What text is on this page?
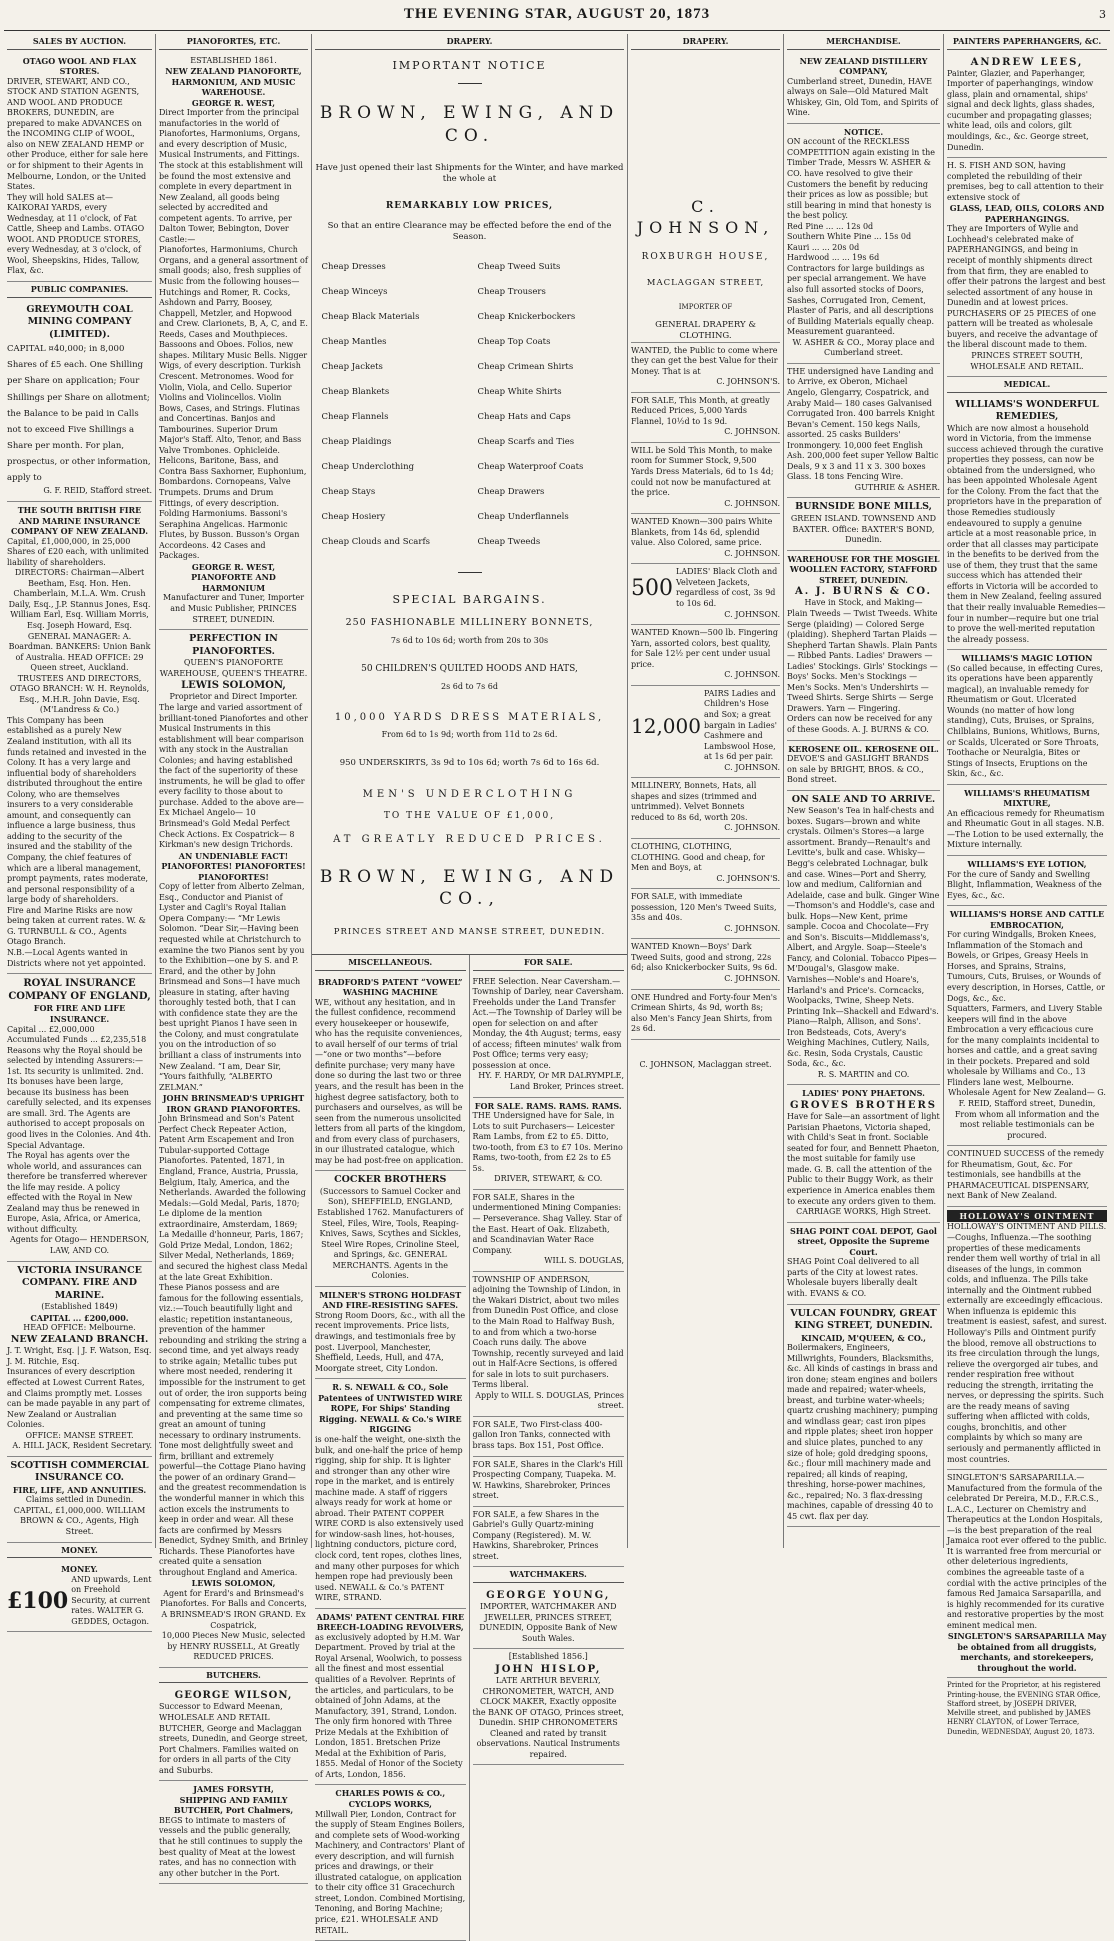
THE EVENING STAR, AUGUST 20, 1873	3
SALES BY AUCTION.
OTAGO WOOL AND FLAX STORES.
DRIVER, STEWART, AND CO., STOCK AND STATION AGENTS, AND WOOL AND PRODUCE BROKERS, DUNEDIN, are prepared to make ADVANCES on the INCOMING CLIP of WOOL, also on NEW ZEALAND HEMP or other Produce, either for sale here or for shipment to their Agents in Melbourne, London, or the United States.
They will hold SALES at— KAIKORAI YARDS, every Wednesday, at 11 o'clock, of Fat Cattle, Sheep and Lambs. OTAGO WOOL AND PRODUCE STORES, every Wednesday, at 3 o'clock, of Wool, Sheepskins, Hides, Tallow, Flax, &c.
PUBLIC COMPANIES.
GREYMOUTH COAL MINING COMPANY (LIMITED).
CAPITAL ¤40,000; in 8,000 Shares of £5 each. One Shilling per Share on application; Four Shillings per Share on allotment; the Balance to be paid in Calls not to exceed Five Shillings a Share per month. For plan, prospectus, or other information, apply to
G. F. REID, Stafford street.
THE SOUTH BRITISH FIRE AND MARINE INSURANCE COMPANY OF NEW ZEALAND.
Capital, £1,000,000, in 25,000 Shares of £20 each, with unlimited liability of shareholders.
DIRECTORS: Chairman—Albert Beetham, Esq. Hon. Hen. Chamberlain, M.L.A. Wm. Crush Daily, Esq., J.P. Stannus Jones, Esq. William Earl, Esq. William Morris, Esq. Joseph Howard, Esq.
GENERAL MANAGER: A. Boardman. BANKERS: Union Bank of Australia. HEAD OFFICE: 29 Queen street, Auckland.
TRUSTEES AND DIRECTORS, OTAGO BRANCH: W. H. Reynolds, Esq., M.H.R. John Davie, Esq. (M'Landress & Co.)
This Company has been established as a purely New Zealand institution, with all its funds retained and invested in the Colony. It has a very large and influential body of shareholders distributed throughout the entire Colony, who are themselves insurers to a very considerable amount, and consequently can influence a large business, thus adding to the security of the insured and the stability of the Company, the chief features of which are a liberal management, prompt payments, rates moderate, and personal responsibility of a large body of shareholders.
Fire and Marine Risks are now being taken at current rates. W. & G. TURNBULL & CO., Agents Otago Branch.
N.B.—Local Agents wanted in Districts where not yet appointed.
ROYAL INSURANCE COMPANY OF ENGLAND,
FOR FIRE AND LIFE INSURANCE.
Capital ... £2,000,000
Accumulated Funds ... £2,235,518
Reasons why the Royal should be selected by intending Assurers:— 1st. Its security is unlimited. 2nd. Its bonuses have been large, because its business has been carefully selected, and its expenses are small. 3rd. The Agents are authorised to accept proposals on good lives in the Colonies. And 4th. Special Advantage.
The Royal has agents over the whole world, and assurances can therefore be transferred wherever the life may reside. A policy effected with the Royal in New Zealand may thus be renewed in Europe, Asia, Africa, or America, without difficulty.
Agents for Otago— HENDERSON, LAW, AND CO.
VICTORIA INSURANCE COMPANY. FIRE AND MARINE.
(Established 1849)
CAPITAL ... £200,000.
HEAD OFFICE: Melbourne.
NEW ZEALAND BRANCH.
J. T. Wright, Esq. | J. F. Watson, Esq. J. M. Ritchie, Esq.
Insurances of every description effected at Lowest Current Rates, and Claims promptly met. Losses can be made payable in any part of New Zealand or Australian Colonies.
OFFICE: MANSE STREET.
A. HILL JACK, Resident Secretary.
SCOTTISH COMMERCIAL INSURANCE CO.
FIRE, LIFE, AND ANNUITIES.
Claims settled in Dunedin. CAPITAL, £1,000,000. WILLIAM BROWN & CO., Agents, High Street.
MONEY.
MONEY.
£100
AND upwards, Lent on Freehold Security, at current rates. WALTER G. GEDDES, Octagon.
PIANOFORTES, ETC.
ESTABLISHED 1861.
NEW ZEALAND PIANOFORTE, HARMONIUM, AND MUSIC WAREHOUSE.
GEORGE R. WEST,
Direct Importer from the principal manufactories in the world of Pianofortes, Harmoniums, Organs, and every description of Music, Musical Instruments, and Fittings. The stock at this establishment will be found the most extensive and complete in every department in New Zealand, all goods being selected by accredited and competent agents. To arrive, per Dalton Tower, Bebington, Dover Castle:—
Pianofortes, Harmoniums, Church Organs, and a general assortment of small goods; also, fresh supplies of Music from the following houses—Hutchings and Romer, R. Cocks, Ashdown and Parry, Boosey, Chappell, Metzler, and Hopwood and Crew. Clarionets, B, A, C, and E. Reeds, Cases and Mouthpieces. Bassoons and Oboes. Folios, new shapes. Military Music Bells. Nigger Wigs, of every description. Turkish Crescent. Metronomes. Wood for Violin, Viola, and Cello. Superior Violins and Violincellos. Violin Bows, Cases, and Strings. Flutinas and Concertinas. Banjos and Tambourines. Superior Drum Major's Staff. Alto, Tenor, and Bass Valve Trombones. Ophicleide. Helicons, Baritone, Bass, and Contra Bass Saxhorner, Euphonium, Bombardons. Cornopeans, Valve Trumpets. Drums and Drum Fittings, of every description. Folding Harmoniums. Bassoni's Seraphina Angelicas. Harmonic Flutes, by Busson. Busson's Organ Accordeons. 42 Cases and Packages.
GEORGE R. WEST,
PIANOFORTE AND HARMONIUM
Manufacturer and Tuner, Importer and Music Publisher, PRINCES STREET, DUNEDIN.
PERFECTION IN PIANOFORTES.
QUEEN'S PIANOFORTE WAREHOUSE, QUEEN'S THEATRE.
LEWIS SOLOMON,
Proprietor and Direct Importer.
The large and varied assortment of brilliant-toned Pianofortes and other Musical Instruments in this establishment will bear comparison with any stock in the Australian Colonies; and having established the fact of the superiority of these instruments, he will be glad to offer every facility to those about to purchase. Added to the above are— Ex Michael Angelo— 10 Brinsmead's Gold Medal Perfect Check Actions. Ex Cospatrick— 8 Kirkman's new design Trichords.
AN UNDENIABLE FACT! PIANOFORTES! PIANOFORTES! PIANOFORTES!
Copy of letter from Alberto Zelman, Esq., Conductor and Pianist of Lyster and Cagli's Royal Italian Opera Company:— “Mr Lewis Solomon. “Dear Sir,—Having been requested while at Christchurch to examine the two Pianos sent by you to the Exhibition—one by S. and P. Erard, and the other by John Brinsmead and Sons—I have much pleasure in stating, after having thoroughly tested both, that I can with confidence state they are the best upright Pianos I have seen in the Colony, and must congratulate you on the introduction of so brilliant a class of instruments into New Zealand. “I am, Dear Sir, “Yours faithfully, “ALBERTO ZELMAN.”
JOHN BRINSMEAD'S UPRIGHT IRON GRAND PIANOFORTES.
John Brinsmead and Son's Patent Perfect Check Repeater Action, Patent Arm Escapement and Iron Tubular-supported Cottage Pianofortes. Patented, 1871, in England, France, Austria, Prussia, Belgium, Italy, America, and the Netherlands. Awarded the following Medals:—Gold Medal, Paris, 1870; Le diplome de la mention extraordinaire, Amsterdam, 1869; La Medaille d'honneur, Paris, 1867; Gold Prize Medal, London, 1862; Silver Medal, Netherlands, 1869; and secured the highest class Medal at the late Great Exhibition.
These Pianos possess and are famous for the following essentials, viz.:—Touch beautifully light and elastic; repetition instantaneous, prevention of the hammer rebounding and striking the string a second time, and yet always ready to strike again; Metallic tubes put where most needed, rendering it impossible for the instrument to get out of order, the iron supports being compensating for extreme climates, and preventing at the same time so great an amount of tuning necessary to ordinary instruments. Tone most delightfully sweet and firm, brilliant and extremely powerful—the Cottage Piano having the power of an ordinary Grand—and the greatest recommendation is the wonderful manner in which this action excels the instruments to keep in order and wear. All these facts are confirmed by Messrs Benedict, Sydney Smith, and Brinley Richards. These Pianofortes have created quite a sensation throughout England and America.
LEWIS SOLOMON,
Agent for Erard's and Brinsmead's Pianofortes. For Balls and Concerts, A BRINSMEAD'S IRON GRAND. Ex Cospatrick,
10,000 Pieces New Music, selected by HENRY RUSSELL, At Greatly REDUCED PRICES.
BUTCHERS.
GEORGE WILSON,
Successor to Edward Meenan, WHOLESALE AND RETAIL BUTCHER, George and Maclaggan streets, Dunedin, and George street, Port Chalmers. Families waited on for orders in all parts of the City and Suburbs.
JAMES FORSYTH,
SHIPPING AND FAMILY BUTCHER, Port Chalmers,
BEGS to intimate to masters of vessels and the public generally, that he still continues to supply the best quality of Meat at the lowest rates, and has no connection with any other butcher in the Port.
DRAPERY.
IMPORTANT NOTICE
BROWN, EWING, AND CO.
Have just opened their last Shipments for the Winter, and have marked the whole at
REMARKABLY LOW PRICES,
So that an entire Clearance may be effected before the end of the Season.
Cheap Dresses
Cheap Winceys
Cheap Black Materials
Cheap Mantles
Cheap Jackets
Cheap Blankets
Cheap Flannels
Cheap Plaidings
Cheap Underclothing
Cheap Stays
Cheap Hosiery
Cheap Clouds and Scarfs
Cheap Tweed Suits
Cheap Trousers
Cheap Knickerbockers
Cheap Top Coats
Cheap Crimean Shirts
Cheap White Shirts
Cheap Hats and Caps
Cheap Scarfs and Ties
Cheap Waterproof Coats
Cheap Drawers
Cheap Underflannels
Cheap Tweeds
SPECIAL BARGAINS.
250 FASHIONABLE MILLINERY BONNETS,
7s 6d to 10s 6d; worth from 20s to 30s
50 CHILDREN'S QUILTED HOODS AND HATS,
2s 6d to 7s 6d
10,000 YARDS DRESS MATERIALS,
From 6d to 1s 9d; worth from 11d to 2s 6d.
950 UNDERSKIRTS, 3s 9d to 10s 6d; worth 7s 6d to 16s 6d.
MEN'S UNDERCLOTHING
TO THE VALUE OF £1,000,
AT GREATLY REDUCED PRICES.
BROWN, EWING, AND CO.,
PRINCES STREET AND MANSE STREET, DUNEDIN.
MISCELLANEOUS.
BRADFORD'S PATENT “VOWEL” WASHING MACHINE
WE, without any hesitation, and in the fullest confidence, recommend every housekeeper or housewife, who has the requisite conveniences, to avail herself of our terms of trial—“one or two months”—before definite purchase; very many have done so during the last two or three years, and the result has been in the highest degree satisfactory, both to purchasers and ourselves, as will be seen from the numerous unsolicited letters from all parts of the kingdom, and from every class of purchasers, in our illustrated catalogue, which may be had post-free on application.
COCKER BROTHERS
(Successors to Samuel Cocker and Son), SHEFFIELD, ENGLAND, Established 1762. Manufacturers of Steel, Files, Wire, Tools, Reaping-Knives, Saws, Scythes and Sickles, Steel Wire Ropes, Crinoline Steel, and Springs, &c. GENERAL MERCHANTS. Agents in the Colonies.
MILNER'S STRONG HOLDFAST AND FIRE-RESISTING SAFES.
Strong Room Doors, &c., with all the recent improvements. Price lists, drawings, and testimonials free by post. Liverpool, Manchester, Sheffield, Leeds, Hull, and 47A, Moorgate street, City London.
R. S. NEWALL & CO., Sole Patentees of UNTWISTED WIRE ROPE, For Ships' Standing Rigging. NEWALL & Co.'s WIRE RIGGING
is one-half the weight, one-sixth the bulk, and one-half the price of hemp rigging, ship for ship. It is lighter and stronger than any other wire rope in the market, and is entirely machine made. A staff of riggers always ready for work at home or abroad. Their PATENT COPPER WIRE CORD is also extensively used for window-sash lines, hot-houses, lightning conductors, picture cord, clock cord, tent ropes, clothes lines, and many other purposes for which hempen rope had previously been used. NEWALL & Co.'s PATENT WIRE, STRAND.
ADAMS' PATENT CENTRAL FIRE BREECH-LOADING REVOLVERS,
as exclusively adopted by H.M. War Department. Proved by trial at the Royal Arsenal, Woolwich, to possess all the finest and most essential qualities of a Revolver. Reprints of the articles, and particulars, to be obtained of John Adams, at the Manufactory, 391, Strand, London. The only firm honored with Three Prize Medals at the Exhibition of London, 1851. Bretschen Prize Medal at the Exhibition of Paris, 1855. Medal of Honor of the Society of Arts, London, 1856.
CHARLES POWIS & CO., CYCLOPS WORKS,
Millwall Pier, London, Contract for the supply of Steam Engines Boilers, and complete sets of Wood-working Machinery, and Contractors' Plant of every description, and will furnish prices and drawings, or their illustrated catalogue, on application to their city office 31 Gracechurch street, London. Combined Mortising, Tenoning, and Boring Machine; price, £21. WHOLESALE AND RETAIL.
FOR SALE.
FREE Selection. Near Caversham.—Township of Darley, near Caversham. Freeholds under the Land Transfer Act.—The Township of Darley will be open for selection on and after Monday, the 4th August; terms, easy of access; fifteen minutes' walk from Post Office; terms very easy; possession at once.
HY. F. HARDY, Or MR DALRYMPLE, Land Broker, Princes street.
FOR SALE. RAMS. RAMS. RAMS.
THE Undersigned have for Sale, in Lots to suit Purchasers— Leicester Ram Lambs, from £2 to £5. Ditto, two-tooth, from £3 to £7 10s. Merino Rams, two-tooth, from £2 2s to £5 5s.
DRIVER, STEWART, & CO.
FOR SALE, Shares in the undermentioned Mining Companies:— Perseverance. Shag Valley. Star of the East. Heart of Oak. Elizabeth, and Scandinavian Water Race Company.
WILL S. DOUGLAS,
TOWNSHIP OF ANDERSON, adjoining the Township of Lindon, in the Wakari District, about two miles from Dunedin Post Office, and close to the Main Road to Halfway Bush, to and from which a two-horse Coach runs daily. The above Township, recently surveyed and laid out in Half-Acre Sections, is offered for sale in lots to suit purchasers. Terms liberal.
Apply to WILL S. DOUGLAS, Princes street.
FOR SALE, Two First-class 400-gallon Iron Tanks, connected with brass taps. Box 151, Post Office.
FOR SALE, Shares in the Clark's Hill Prospecting Company, Tuapeka. M. W. Hawkins, Sharebroker, Princes street.
FOR SALE, a few Shares in the Gabriel's Gully Quartz-mining Company (Registered). M. W. Hawkins, Sharebroker, Princes street.
WATCHMAKERS.
GEORGE YOUNG,
IMPORTER, WATCHMAKER AND JEWELLER, PRINCES STREET, DUNEDIN, Opposite Bank of New South Wales.
[Established 1856.]
JOHN HISLOP,
LATE ARTHUR BEVERLY, CHRONOMETER, WATCH, AND CLOCK MAKER, Exactly opposite the BANK OF OTAGO, Princes street, Dunedin. SHIP CHRONOMETERS Cleaned and rated by transit observations. Nautical Instruments repaired.
DRAPERY.
C. JOHNSON,
ROXBURGH HOUSE,
MACLAGGAN STREET,
IMPORTER OF
GENERAL DRAPERY & CLOTHING.
WANTED, the Public to come where they can get the best Value for their Money. That is at
C. JOHNSON'S.
FOR SALE, This Month, at greatly Reduced Prices, 5,000 Yards Flannel, 10½d to 1s 9d.
C. JOHNSON.
WILL be Sold This Month, to make room for Summer Stock, 9,500 Yards Dress Materials, 6d to 1s 4d; could not now be manufactured at the price.
C. JOHNSON.
WANTED Known—300 pairs White Blankets, from 14s 6d, splendid value. Also Colored, same price.
C. JOHNSON.
500
LADIES' Black Cloth and Velveteen Jackets, regardless of cost, 3s 9d to 10s 6d.
C. JOHNSON.
WANTED Known—500 lb. Fingering Yarn, assorted colors, best quality, for Sale 12½ per cent under usual price.
C. JOHNSON.
12,000
PAIRS Ladies and Children's Hose and Sox; a great bargain in Ladies' Cashmere and Lambswool Hose, at 1s 6d per pair.
C. JOHNSON.
MILLINERY, Bonnets, Hats, all shapes and sizes (trimmed and untrimmed). Velvet Bonnets reduced to 8s 6d, worth 20s.
C. JOHNSON.
CLOTHING, CLOTHING, CLOTHING. Good and cheap, for Men and Boys, at
C. JOHNSON'S.
FOR SALE, with immediate possession, 120 Men's Tweed Suits, 35s and 40s.
C. JOHNSON.
WANTED Known—Boys' Dark Tweed Suits, good and strong, 22s 6d; also Knickerbocker Suits, 9s 6d.
C. JOHNSON.
ONE Hundred and Forty-four Men's Crimean Shirts, 4s 9d, worth 8s; also Men's Fancy Jean Shirts, from 2s 6d.
C. JOHNSON, Maclaggan street.
MERCHANDISE.
NEW ZEALAND DISTILLERY COMPANY,
Cumberland street, Dunedin, HAVE always on Sale—Old Matured Malt Whiskey, Gin, Old Tom, and Spirits of Wine.
NOTICE.
ON account of the RECKLESS COMPETITION again existing in the Timber Trade, Messrs W. ASHER & CO. have resolved to give their Customers the benefit by reducing their prices as low as possible; but still bearing in mind that honesty is the best policy.
Red Pine ... ... 12s 0d
Southern White Pine ... 15s 0d
Kauri ... ... 20s 0d
Hardwood ... ... 19s 6d
Contractors for large buildings as per special arrangement. We have also full assorted stocks of Doors, Sashes, Corrugated Iron, Cement, Plaster of Paris, and all descriptions of Building Materials equally cheap. Measurement guaranteed.
W. ASHER & CO., Moray place and Cumberland street.
THE undersigned have Landing and to Arrive, ex Oberon, Michael Angelo, Glengarry, Cospatrick, and Araby Maid— 180 cases Galvanised Corrugated Iron. 400 barrels Knight Bevan's Cement. 150 kegs Nails, assorted. 25 casks Builders' Ironmongery. 10,000 feet English Ash. 200,000 feet super Yellow Baltic Deals, 9 x 3 and 11 x 3. 300 boxes Glass. 18 tons Fencing Wire.
GUTHRIE & ASHER.
BURNSIDE BONE MILLS,
GREEN ISLAND. TOWNSEND AND BAXTER. Office: BAXTER'S BOND, Dunedin.
WAREHOUSE FOR THE MOSGIEL WOOLLEN FACTORY, STAFFORD STREET, DUNEDIN.
A. J. BURNS & CO.
Have in Stock, and Making—
Plain Tweeds — Twist Tweeds. White Serge (plaiding) — Colored Serge (plaiding). Shepherd Tartan Plaids — Shepherd Tartan Shawls. Plain Pants — Ribbed Pants. Ladies' Drawers — Ladies' Stockings. Girls' Stockings — Boys' Socks. Men's Stockings — Men's Socks. Men's Undershirts — Tweed Shirts. Serge Shirts — Serge Drawers. Yarn — Fingering.
Orders can now be received for any of these Goods. A. J. BURNS & CO.
KEROSENE OIL. KEROSENE OIL.
DEVOE'S and GASLIGHT BRANDS on sale by BRIGHT, BROS. & CO., Bond street.
ON SALE AND TO ARRIVE.
New Season's Tea in half-chests and boxes. Sugars—brown and white crystals. Oilmen's Stores—a large assortment. Brandy—Renault's and Levitte's, bulk and case. Whisky—Begg's celebrated Lochnagar, bulk and case. Wines—Port and Sherry, low and medium, Californian and Adelaide, case and bulk. Ginger Wine—Thomson's and Hoddle's, case and bulk. Hops—New Kent, prime sample. Cocoa and Chocolate—Fry and Son's. Biscuits—Middlemass's, Albert, and Argyle. Soap—Steele's Fancy, and Colonial. Tobacco Pipes—M'Dougal's, Glasgow make. Varnishes—Noble's and Hoare's, Harland's and Price's. Corncacks, Woolpacks, Twine, Sheep Nets. Printing Ink—Shackell and Edward's. Piano—Ralph, Allison, and Sons'. Iron Bedsteads, Cots, Avery's Weighing Machines, Cutlery, Nails, &c. Resin, Soda Crystals, Caustic Soda, &c., &c.
R. S. MARTIN and CO.
LADIES' PONY PHAETONS.
GROVES BROTHERS
Have for Sale—an assortment of light Parisian Phaetons, Victoria shaped, with Child's Seat in front. Sociable seated for four, and Bennett Phaeton, the most suitable for family use made. G. B. call the attention of the Public to their Buggy Work, as their experience in America enables them to execute any orders given to them.
CARRIAGE WORKS, High Street.
SHAG POINT COAL DEPOT, Gaol street, Opposite the Supreme Court.
SHAG Point Coal delivered to all parts of the City at lowest rates. Wholesale buyers liberally dealt with. EVANS & CO.
VULCAN FOUNDRY, GREAT KING STREET, DUNEDIN.
KINCAID, M'QUEEN, & CO.,
Boilermakers, Engineers, Millwrights, Founders, Blacksmiths, &c. All kinds of castings in brass and iron done; steam engines and boilers made and repaired; water-wheels, breast, and turbine water-wheels; quartz crushing machinery; pumping and windlass gear; cast iron pipes and ripple plates; sheet iron hopper and sluice plates, punched to any size of hole; gold dredging spoons, &c.; flour mill machinery made and repaired; all kinds of reaping, threshing, horse-power machines, &c., repaired; No. 3 flax-dressing machines, capable of dressing 40 to 45 cwt. flax per day.
PAINTERS PAPERHANGERS, &C.
ANDREW LEES,
Painter, Glazier, and Paperhanger, Importer of paperhangings, window glass, plain and ornamental, ships' signal and deck lights, glass shades, cucumber and propagating glasses; white lead, oils and colors, gilt mouldings, &c., &c. George street, Dunedin.
H. S. FISH AND SON, having completed the rebuilding of their premises, beg to call attention to their extensive stock of
GLASS, LEAD, OILS, COLORS AND PAPERHANGINGS.
They are Importers of Wylie and Lochhead's celebrated make of PAPERHANGINGS, and being in receipt of monthly shipments direct from that firm, they are enabled to offer their patrons the largest and best selected assortment of any house in Dunedin and at lowest prices. PURCHASERS OF 25 PIECES of one pattern will be treated as wholesale buyers, and receive the advantage of the liberal discount made to them.
PRINCES STREET SOUTH, WHOLESALE AND RETAIL.
MEDICAL.
WILLIAMS'S WONDERFUL REMEDIES,
Which are now almost a household word in Victoria, from the immense success achieved through the curative properties they possess, can now be obtained from the undersigned, who has been appointed Wholesale Agent for the Colony. From the fact that the proprietors have in the preparation of those Remedies studiously endeavoured to supply a genuine article at a most reasonable price, in order that all classes may participate in the benefits to be derived from the use of them, they trust that the same success which has attended their efforts in Victoria will be accorded to them in New Zealand, feeling assured that their really invaluable Remedies—four in number—require but one trial to prove the well-merited reputation the already possess.
WILLIAMS'S MAGIC LOTION
(So called because, in effecting Cures, its operations have been apparently magical), an invaluable remedy for Rheumatism or Gout. Ulcerated Wounds (no matter of how long standing), Cuts, Bruises, or Sprains, Chilblains, Bunions, Whitlows, Burns, or Scalds, Ulcerated or Sore Throats, Toothache or Neuralgia, Bites or Stings of Insects, Eruptions on the Skin, &c., &c.
WILLIAMS'S RHEUMATISM MIXTURE,
An efficacious remedy for Rheumatism and Rheumatic Gout in all stages. N.B.—The Lotion to be used externally, the Mixture internally.
WILLIAMS'S EYE LOTION,
For the cure of Sandy and Swelling Blight, Inflammation, Weakness of the Eyes, &c., &c.
WILLIAMS'S HORSE AND CATTLE EMBROCATION,
For curing Windgalls, Broken Knees, Inflammation of the Stomach and Bowels, or Gripes, Greasy Heels in Horses, and Sprains, Strains, Tumours, Cuts, Bruises, or Wounds of every description, in Horses, Cattle, or Dogs, &c., &c.
Squatters, Farmers, and Livery Stable keepers will find in the above Embrocation a very efficacious cure for the many complaints incidental to horses and cattle, and a great saving in their pockets. Prepared and sold wholesale by Williams and Co., 13 Flinders lane west, Melbourne.
Wholesale Agent for New Zealand— G. F. REID, Stafford street, Dunedin, From whom all information and the most reliable testimonials can be procured.
CONTINUED SUCCESS of the remedy for Rheumatism, Gout, &c. For testimonials, see handbills at the PHARMACEUTICAL DISPENSARY, next Bank of New Zealand.
HOLLOWAY'S OINTMENT
HOLLOWAY'S OINTMENT AND PILLS.—Coughs, Influenza.—The soothing properties of these medicaments render them well worthy of trial in all diseases of the lungs, in common colds, and influenza. The Pills take internally and the Ointment rubbed externally are exceedingly efficacious. When influenza is epidemic this treatment is easiest, safest, and surest. Holloway's Pills and Ointment purify the blood, remove all obstructions to its free circulation through the lungs, relieve the overgorged air tubes, and render respiration free without reducing the strength, irritating the nerves, or depressing the spirits. Such are the ready means of saving suffering when afflicted with colds, coughs, bronchitis, and other complaints by which so many are seriously and permanently afflicted in most countries.
SINGLETON'S SARSAPARILLA.— Manufactured from the formula of the celebrated Dr Pereira, M.D., F.R.C.S., L.A.C., Lecturer on Chemistry and Therapeutics at the London Hospitals,—is the best preparation of the real Jamaica root ever offered to the public. It is warranted free from mercurial or other deleterious ingredients, combines the agreeable taste of a cordial with the active principles of the famous Red Jamaica Sarsaparilla, and is highly recommended for its curative and restorative properties by the most eminent medical men.
SINGLETON'S SARSAPARILLA May be obtained from all druggists, merchants, and storekeepers, throughout the world.
Printed for the Proprietor, at his registered Printing-house, the EVENING STAR Office, Stafford street, by JOSEPH DRIVER, Melville street, and published by JAMES HENRY CLAYTON, of Lower Terrace, Dunedin, WEDNESDAY, August 20, 1873.
